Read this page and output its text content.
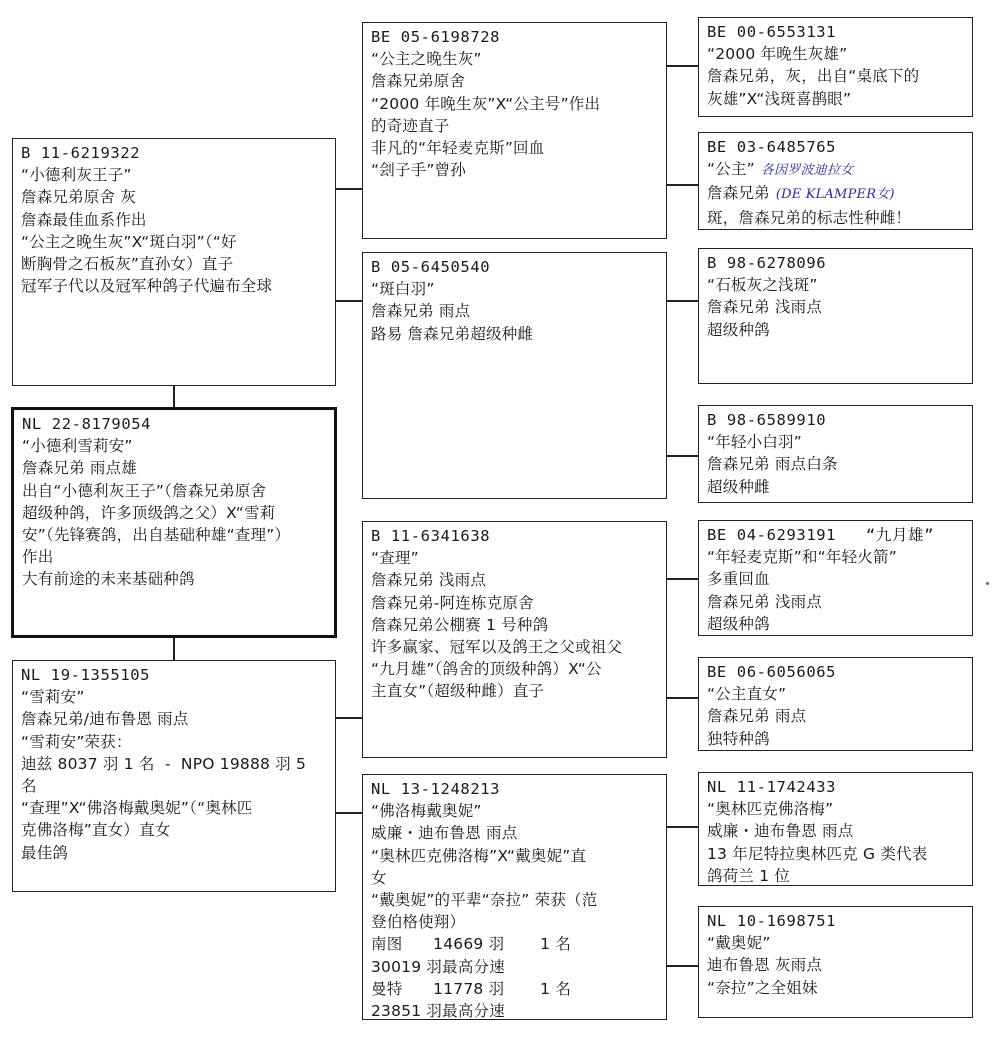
B 11-6219322
“小德利灰王子”
詹森兄弟原舍 灰
詹森最佳血系作出
“公主之晚生灰”X“斑白羽”（“好
断胸骨之石板灰”直孙女）直子
冠军子代以及冠军种鸽子代遍布全球
NL 22-8179054
“小德利雪莉安”
詹森兄弟 雨点雄
出自“小德利灰王子”（詹森兄弟原舍
超级种鸽，许多顶级鸽之父）X“雪莉
安”（先锋赛鸽，出自基础种雄“查理”）
作出
大有前途的未来基础种鸽
NL 19-1355105
“雪莉安”
詹森兄弟/迪布鲁恩 雨点
“雪莉安”荣获：
迪兹 8037 羽 1 名  -  NPO 19888 羽 5
名
“查理”X“佛洛梅戴奥妮”（“奥林匹
克佛洛梅”直女）直女
最佳鸽
BE 05-6198728
“公主之晚生灰”
詹森兄弟原舍
“2000 年晚生灰”X“公主号”作出
的奇迹直子
非凡的“年轻麦克斯”回血
“刽子手”曾孙
B 05-6450540
“斑白羽”
詹森兄弟 雨点
路易 詹森兄弟超级种雌
B 11-6341638
“查理”
詹森兄弟 浅雨点
詹森兄弟-阿连栋克原舍
詹森兄弟公棚赛 1 号种鸽
许多赢家、冠军以及鸽王之父或祖父
“九月雄”（鸽舍的顶级种鸽）X“公
主直女”（超级种雌）直子
NL 13-1248213
“佛洛梅戴奥妮”
威廉・迪布鲁恩 雨点
“奥林匹克佛洛梅”X“戴奥妮”直
女
“戴奥妮”的平辈“奈拉” 荣获（范
登伯格使翔）
南图      14669 羽       1 名
30019 羽最高分速
曼特      11778 羽       1 名
23851 羽最高分速
BE 00-6553131
“2000 年晚生灰雄”
詹森兄弟，灰，出自“桌底下的
灰雄”X“浅斑喜鹊眼”
BE 03-6485765
“公主” 各因罗波迪拉女
詹森兄弟 (DE KLAMPER女)
斑，詹森兄弟的标志性种雌！
B 98-6278096
“石板灰之浅斑”
詹森兄弟 浅雨点
超级种鸽
B 98-6589910
“年轻小白羽”
詹森兄弟 雨点白条
超级种雌
BE 04-6293191   “九月雄”
“年轻麦克斯”和“年轻火箭”
多重回血
詹森兄弟 浅雨点
超级种鸽
BE 06-6056065
“公主直女”
詹森兄弟 雨点
独特种鸽
NL 11-1742433
“奥林匹克佛洛梅”
威廉・迪布鲁恩 雨点
13 年尼特拉奥林匹克 G 类代表
鸽荷兰 1 位
NL 10-1698751
“戴奥妮”
迪布鲁恩 灰雨点
“奈拉”之全姐妹
